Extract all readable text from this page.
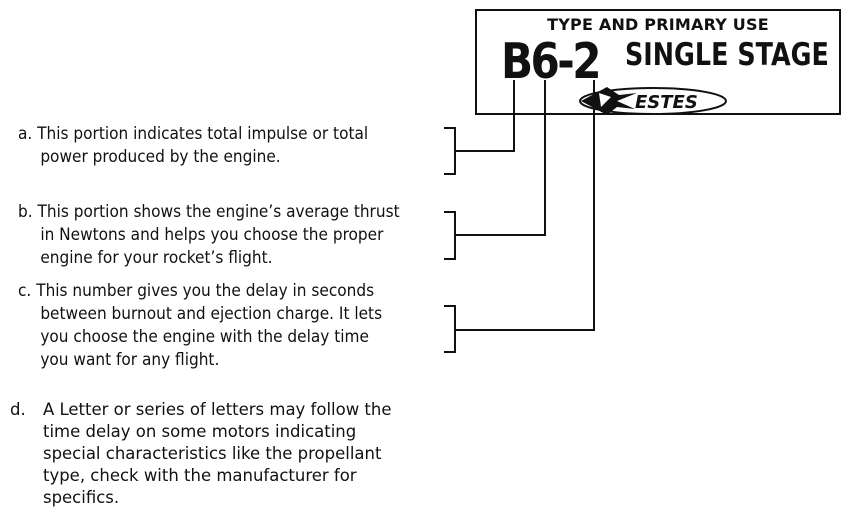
TYPE AND PRIMARY USE
B6-2 SINGLE STAGE
ESTES
a. This portion indicates total impulse or total
power produced by the engine.
b. This portion shows the engine’s average thrust
in Newtons and helps you choose the proper
engine for your rocket’s flight.
c. This number gives you the delay in seconds
between burnout and ejection charge. It lets
you choose the engine with the delay time
you want for any flight.
d. A Letter or series of letters may follow the
time delay on some motors indicating
special characteristics like the propellant
type, check with the manufacturer for
specifics.
